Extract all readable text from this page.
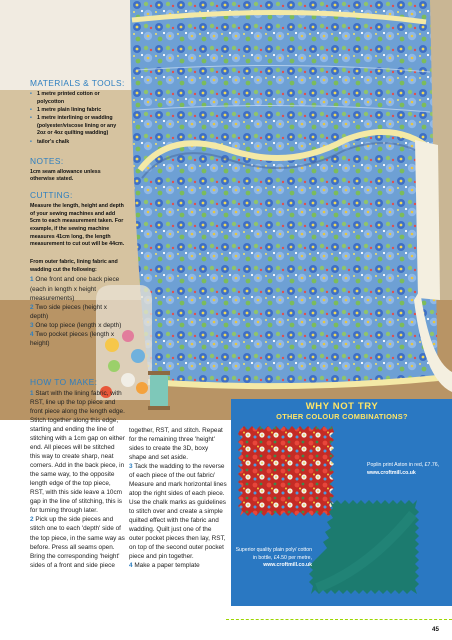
MATERIALS & TOOLS:
• 1 metre printed cotton or polycotton
• 1 metre plain lining fabric
• 1 metre interlining or wadding (polyester/viscose lining or any 2oz or 4oz quilting wadding)
• tailor's chalk
NOTES:
1cm seam allowance unless otherwise stated.
CUTTING:
Measure the length, height and depth of your sewing machines and add 5cm to each measurement taken. For example, if the sewing machine measures 41cm long, the length measurement to cut out will be 44cm.
From outer fabric, lining fabric and wadding cut the following:

1 One front and one back piece (each in length x height measurements)

2 Two side pieces (height x depth)

3 One top piece (length x depth)

4 Two pocket pieces (length x height)

HOW TO MAKE:
1 Start with the lining fabric, with RST, line up the top piece and front piece along the length edge. Stitch together along this edge, starting and ending the line of stitching with a 1cm gap on either end. All pieces will be stitched this way to create sharp, neat corners. Add in the back piece, in the same way, to the opposite length edge of the top piece, RST, with this side leave a 10cm gap in the line of stitching, this is for turning through later.
2 Pick up the side pieces and stitch one to each 'depth' side of the top piece, in the same way as before. Press all seams open. Bring the corresponding 'height' sides of a front and side piece
together, RST, and stitch. Repeat for the remaining three 'height' sides to create the 3D, boxy shape and set aside.
3 Tack the wadding to the reverse of each piece of the out fabric/ Measure and mark horizontal lines atop the right sides of each piece. Use the chalk marks as guidelines to stitch over and create a simple quilted effect with the fabric and wadding. Quilt just one of the outer pocket pieces then lay, RST, on top of the second outer pocket piece and pin together.
4 Make a paper template
WHY NOT TRY
OTHER COLOUR COMBINATIONS?
Poplin print Aston in red, £7.76, www.croftmill.co.uk
Superior quality plain poly/ cotton in bottle, £4.50 per metre, www.croftmill.co.uk
45
